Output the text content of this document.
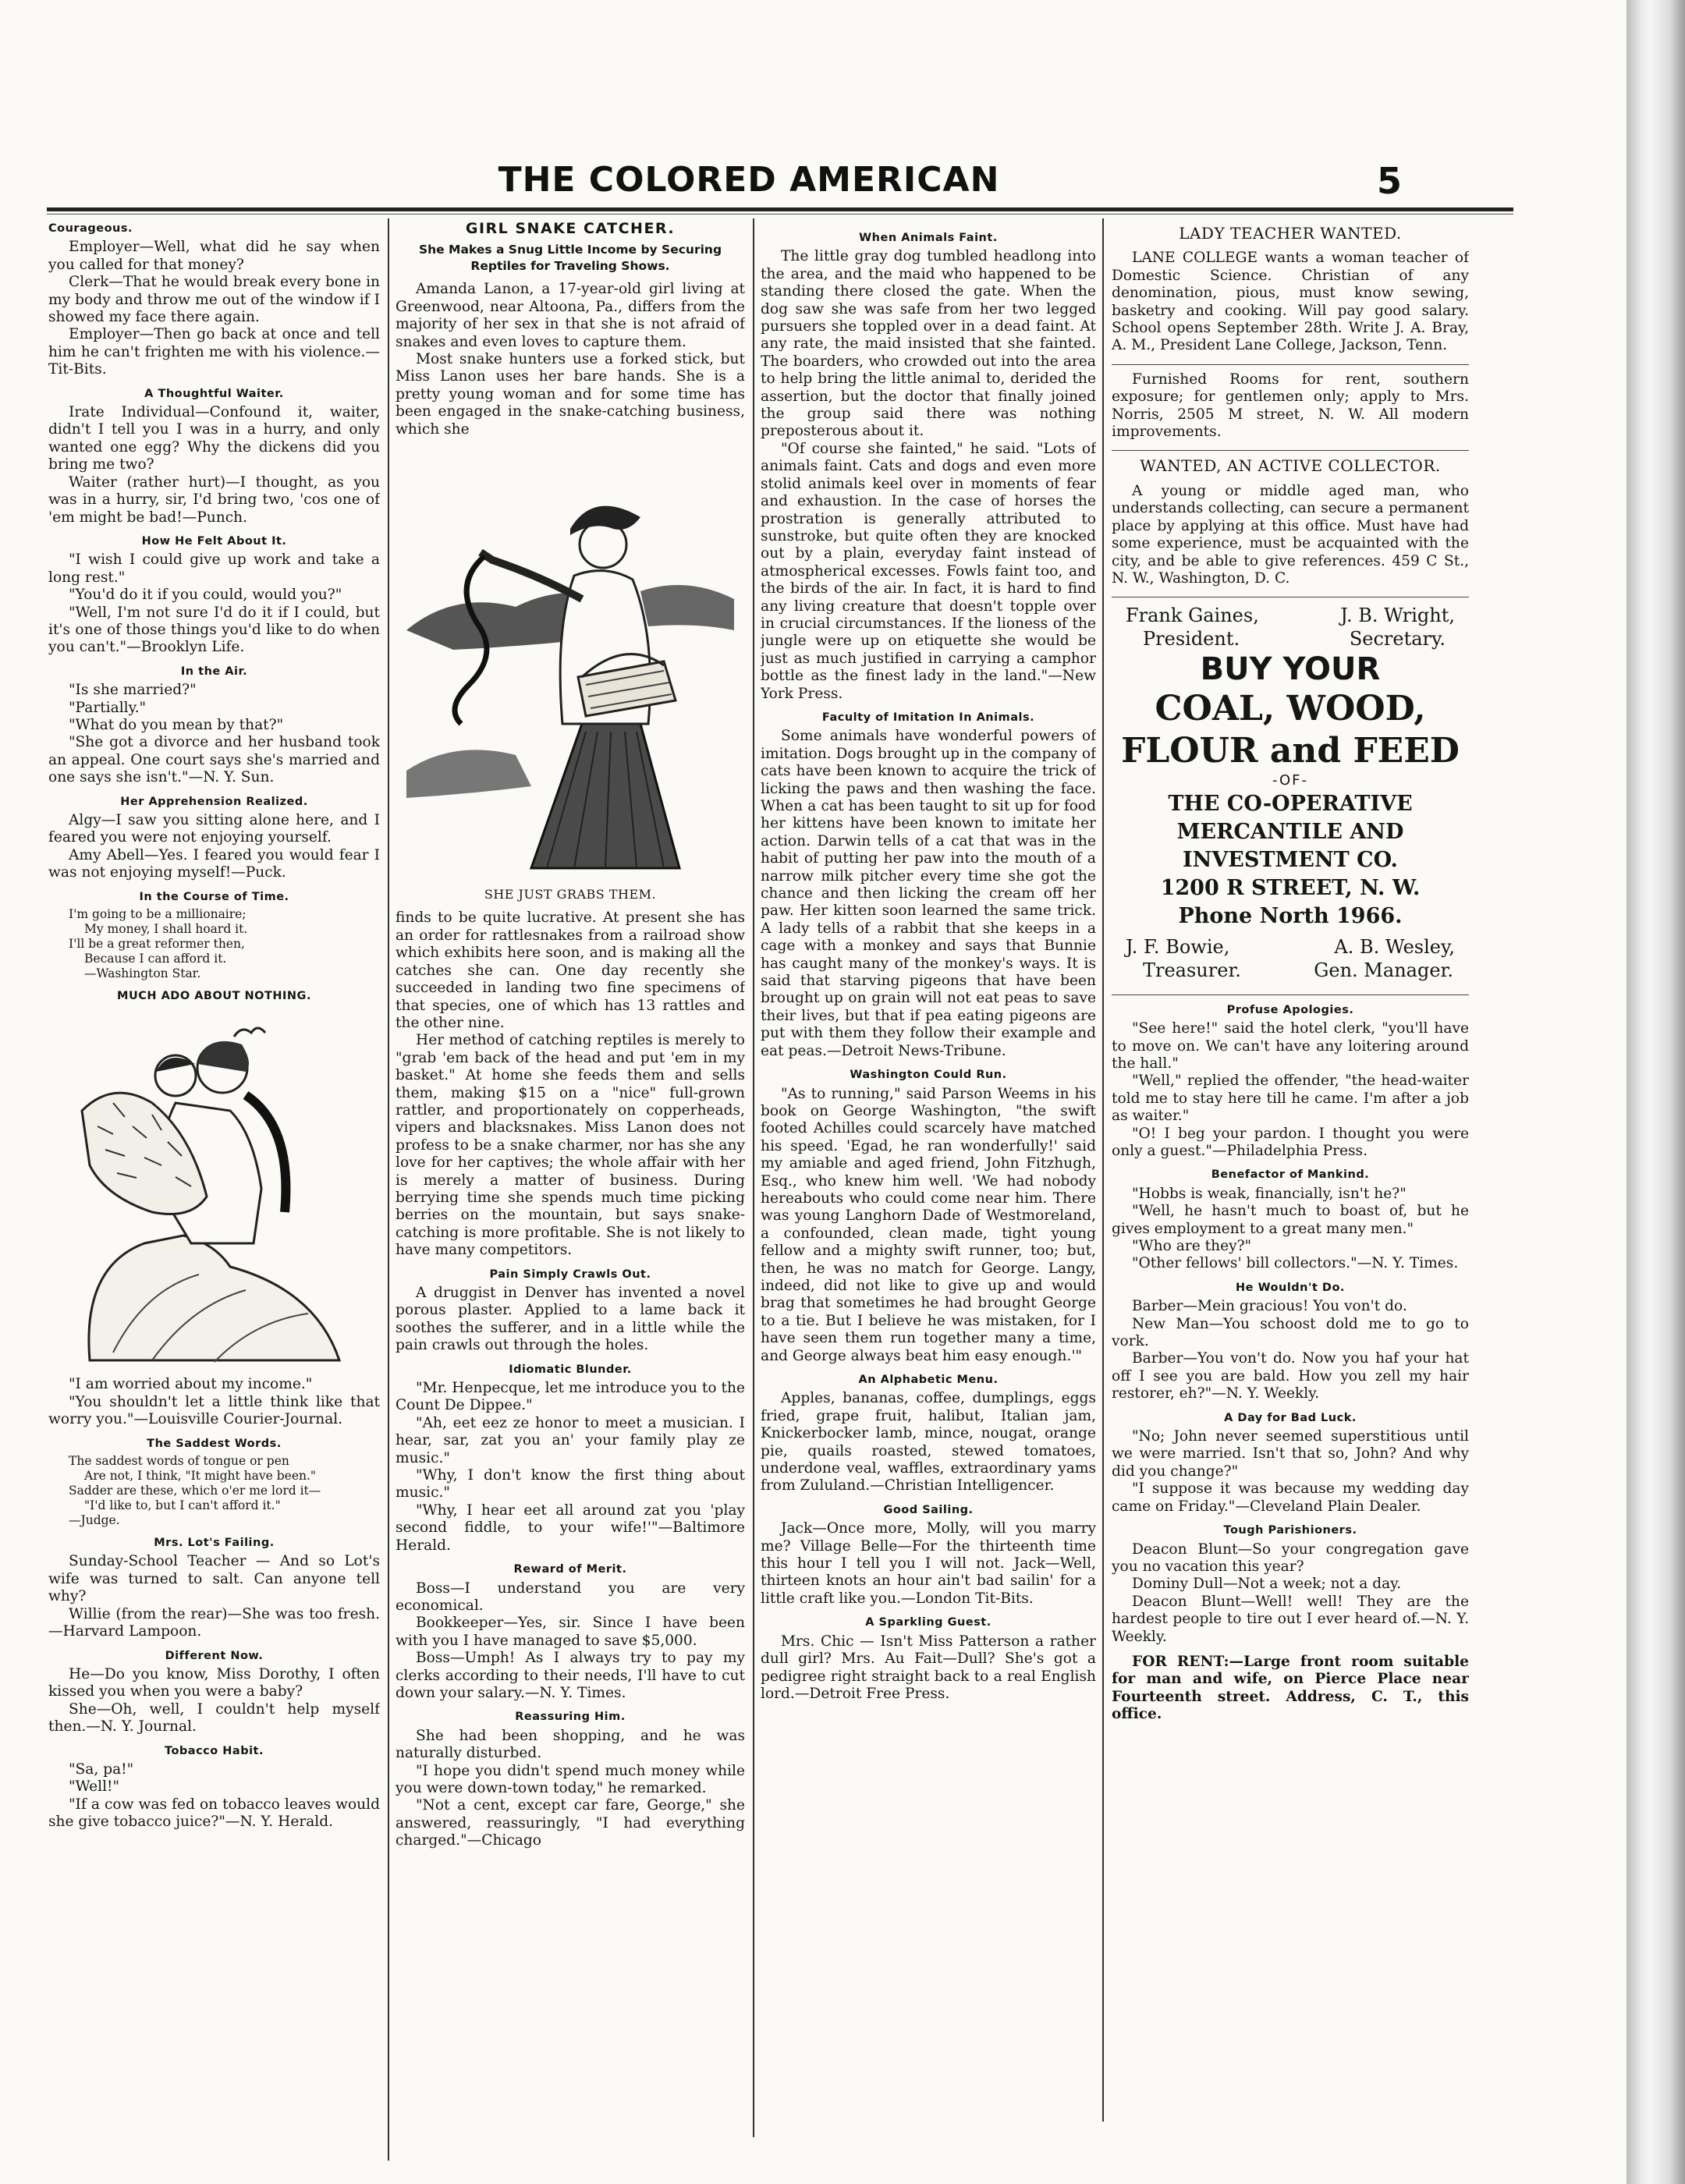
THE COLORED AMERICAN	5
Courageous.

Employer—Well, what did he say when you called for that money?

Clerk—That he would break every bone in my body and throw me out of the window if I showed my face there again.

Employer—Then go back at once and tell him he can't frighten me with his violence.—Tit-Bits.

A Thoughtful Waiter.

Irate Individual—Confound it, waiter, didn't I tell you I was in a hurry, and only wanted one egg? Why the dickens did you bring me two?

Waiter (rather hurt)—I thought, as you was in a hurry, sir, I'd bring two, 'cos one of 'em might be bad!—Punch.

How He Felt About It.

"I wish I could give up work and take a long rest."

"You'd do it if you could, would you?"

"Well, I'm not sure I'd do it if I could, but it's one of those things you'd like to do when you can't."—Brooklyn Life.

In the Air.

"Is she married?"

"Partially."

"What do you mean by that?"

"She got a divorce and her husband took an appeal. One court says she's married and one says she isn't."—N. Y. Sun.

Her Apprehension Realized.

Algy—I saw you sitting alone here, and I feared you were not enjoying yourself.

Amy Abell—Yes. I feared you would fear I was not enjoying myself!—Puck.

In the Course of Time.
I'm going to be a millionaire;
My money, I shall hoard it.
I'll be a great reformer then,
Because I can afford it.
—Washington Star.
MUCH ADO ABOUT NOTHING.

"I am worried about my income."

"You shouldn't let a little think like that worry you."—Louisville Courier-Journal.

The Saddest Words.
The saddest words of tongue or pen
Are not, I think, "It might have been."
Sadder are these, which o'er me lord it—
"I'd like to, but I can't afford it."
—Judge.
Mrs. Lot's Failing.

Sunday-School Teacher — And so Lot's wife was turned to salt. Can anyone tell why?

Willie (from the rear)—She was too fresh.—Harvard Lampoon.

Different Now.

He—Do you know, Miss Dorothy, I often kissed you when you were a baby?

She—Oh, well, I couldn't help myself then.—N. Y. Journal.

Tobacco Habit.

"Sa, pa!"

"Well!"

"If a cow was fed on tobacco leaves would she give tobacco juice?"—N. Y. Herald.

GIRL SNAKE CATCHER.
She Makes a Snug Little Income by Securing Reptiles for Traveling Shows.

Amanda Lanon, a 17-year-old girl living at Greenwood, near Altoona, Pa., differs from the majority of her sex in that she is not afraid of snakes and even loves to capture them.

Most snake hunters use a forked stick, but Miss Lanon uses her bare hands. She is a pretty young woman and for some time has been engaged in the snake-catching business, which she

SHE JUST GRABS THEM.

finds to be quite lucrative. At present she has an order for rattlesnakes from a railroad show which exhibits here soon, and is making all the catches she can. One day recently she succeeded in landing two fine specimens of that species, one of which has 13 rattles and the other nine.

Her method of catching reptiles is merely to "grab 'em back of the head and put 'em in my basket." At home she feeds them and sells them, making $15 on a "nice" full-grown rattler, and proportionately on copperheads, vipers and blacksnakes. Miss Lanon does not profess to be a snake charmer, nor has she any love for her captives; the whole affair with her is merely a matter of business. During berrying time she spends much time picking berries on the mountain, but says snake-catching is more profitable. She is not likely to have many competitors.

Pain Simply Crawls Out.

A druggist in Denver has invented a novel porous plaster. Applied to a lame back it soothes the sufferer, and in a little while the pain crawls out through the holes.

Idiomatic Blunder.

"Mr. Henpecque, let me introduce you to the Count De Dippee."

"Ah, eet eez ze honor to meet a musician. I hear, sar, zat you an' your family play ze music."

"Why, I don't know the first thing about music."

"Why, I hear eet all around zat you 'play second fiddle, to your wife!'"—Baltimore Herald.

Reward of Merit.

Boss—I understand you are very economical.

Bookkeeper—Yes, sir. Since I have been with you I have managed to save $5,000.

Boss—Umph! As I always try to pay my clerks according to their needs, I'll have to cut down your salary.—N. Y. Times.

Reassuring Him.

She had been shopping, and he was naturally disturbed.

"I hope you didn't spend much money while you were down-town today," he remarked.

"Not a cent, except car fare, George," she answered, reassuringly, "I had everything charged."—Chicago

When Animals Faint.

The little gray dog tumbled headlong into the area, and the maid who happened to be standing there closed the gate. When the dog saw she was safe from her two legged pursuers she toppled over in a dead faint. At any rate, the maid insisted that she fainted. The boarders, who crowded out into the area to help bring the little animal to, derided the assertion, but the doctor that finally joined the group said there was nothing preposterous about it.

"Of course she fainted," he said. "Lots of animals faint. Cats and dogs and even more stolid animals keel over in moments of fear and exhaustion. In the case of horses the prostration is generally attributed to sunstroke, but quite often they are knocked out by a plain, everyday faint instead of atmospherical excesses. Fowls faint too, and the birds of the air. In fact, it is hard to find any living creature that doesn't topple over in crucial circumstances. If the lioness of the jungle were up on etiquette she would be just as much justified in carrying a camphor bottle as the finest lady in the land."—New York Press.

Faculty of Imitation In Animals.

Some animals have wonderful powers of imitation. Dogs brought up in the company of cats have been known to acquire the trick of licking the paws and then washing the face. When a cat has been taught to sit up for food her kittens have been known to imitate her action. Darwin tells of a cat that was in the habit of putting her paw into the mouth of a narrow milk pitcher every time she got the chance and then licking the cream off her paw. Her kitten soon learned the same trick. A lady tells of a rabbit that she keeps in a cage with a monkey and says that Bunnie has caught many of the monkey's ways. It is said that starving pigeons that have been brought up on grain will not eat peas to save their lives, but that if pea eating pigeons are put with them they follow their example and eat peas.—Detroit News-Tribune.

Washington Could Run.

"As to running," said Parson Weems in his book on George Washington, "the swift footed Achilles could scarcely have matched his speed. 'Egad, he ran wonderfully!' said my amiable and aged friend, John Fitzhugh, Esq., who knew him well. 'We had nobody hereabouts who could come near him. There was young Langhorn Dade of Westmoreland, a confounded, clean made, tight young fellow and a mighty swift runner, too; but, then, he was no match for George. Langy, indeed, did not like to give up and would brag that sometimes he had brought George to a tie. But I believe he was mistaken, for I have seen them run together many a time, and George always beat him easy enough.'"

An Alphabetic Menu.

Apples, bananas, coffee, dumplings, eggs fried, grape fruit, halibut, Italian jam, Knickerbocker lamb, mince, nougat, orange pie, quails roasted, stewed tomatoes, underdone veal, waffles, extraordinary yams from Zululand.—Christian Intelligencer.

Good Sailing.

Jack—Once more, Molly, will you marry me? Village Belle—For the thirteenth time this hour I tell you I will not. Jack—Well, thirteen knots an hour ain't bad sailin' for a little craft like you.—London Tit-Bits.

A Sparkling Guest.

Mrs. Chic — Isn't Miss Patterson a rather dull girl? Mrs. Au Fait—Dull? She's got a pedigree right straight back to a real English lord.—Detroit Free Press.

LADY TEACHER WANTED.

LANE COLLEGE wants a woman teacher of Domestic Science. Christian of any denomination, pious, must know sewing, basketry and cooking. Will pay good salary. School opens September 28th. Write J. A. Bray, A. M., President Lane College, Jackson, Tenn.

Furnished Rooms for rent, southern exposure; for gentlemen only; apply to Mrs. Norris, 2505 M street, N. W. All modern improvements.

WANTED, AN ACTIVE COLLECTOR.

A young or middle aged man, who understands collecting, can secure a permanent place by applying at this office. Must have had some experience, must be acquainted with the city, and be able to give references. 459 C St., N. W., Washington, D. C.

Frank Gaines,	J. B. Wright,
President.	Secretary.
BUY YOUR
COAL, WOOD,
FLOUR and FEED
-OF-
THE CO-OPERATIVE
MERCANTILE AND
INVESTMENT CO.
1200 R STREET, N. W.
Phone North 1966.
J. F. Bowie,	A. B. Wesley,
Treasurer.	Gen. Manager.
Profuse Apologies.

"See here!" said the hotel clerk, "you'll have to move on. We can't have any loitering around the hall."

"Well," replied the offender, "the head-waiter told me to stay here till he came. I'm after a job as waiter."

"O! I beg your pardon. I thought you were only a guest."—Philadelphia Press.

Benefactor of Mankind.

"Hobbs is weak, financially, isn't he?"

"Well, he hasn't much to boast of, but he gives employment to a great many men."

"Who are they?"

"Other fellows' bill collectors."—N. Y. Times.

He Wouldn't Do.

Barber—Mein gracious! You von't do.

New Man—You schoost dold me to go to vork.

Barber—You von't do. Now you haf your hat off I see you are bald. How you zell my hair restorer, eh?"—N. Y. Weekly.

A Day for Bad Luck.

"No; John never seemed superstitious until we were married. Isn't that so, John? And why did you change?"

"I suppose it was because my wedding day came on Friday."—Cleveland Plain Dealer.

Tough Parishioners.

Deacon Blunt—So your congregation gave you no vacation this year?

Dominy Dull—Not a week; not a day.

Deacon Blunt—Well! well! They are the hardest people to tire out I ever heard of.—N. Y. Weekly.

FOR RENT:—Large front room suitable for man and wife, on Pierce Place near Fourteenth street. Address, C. T., this office.
